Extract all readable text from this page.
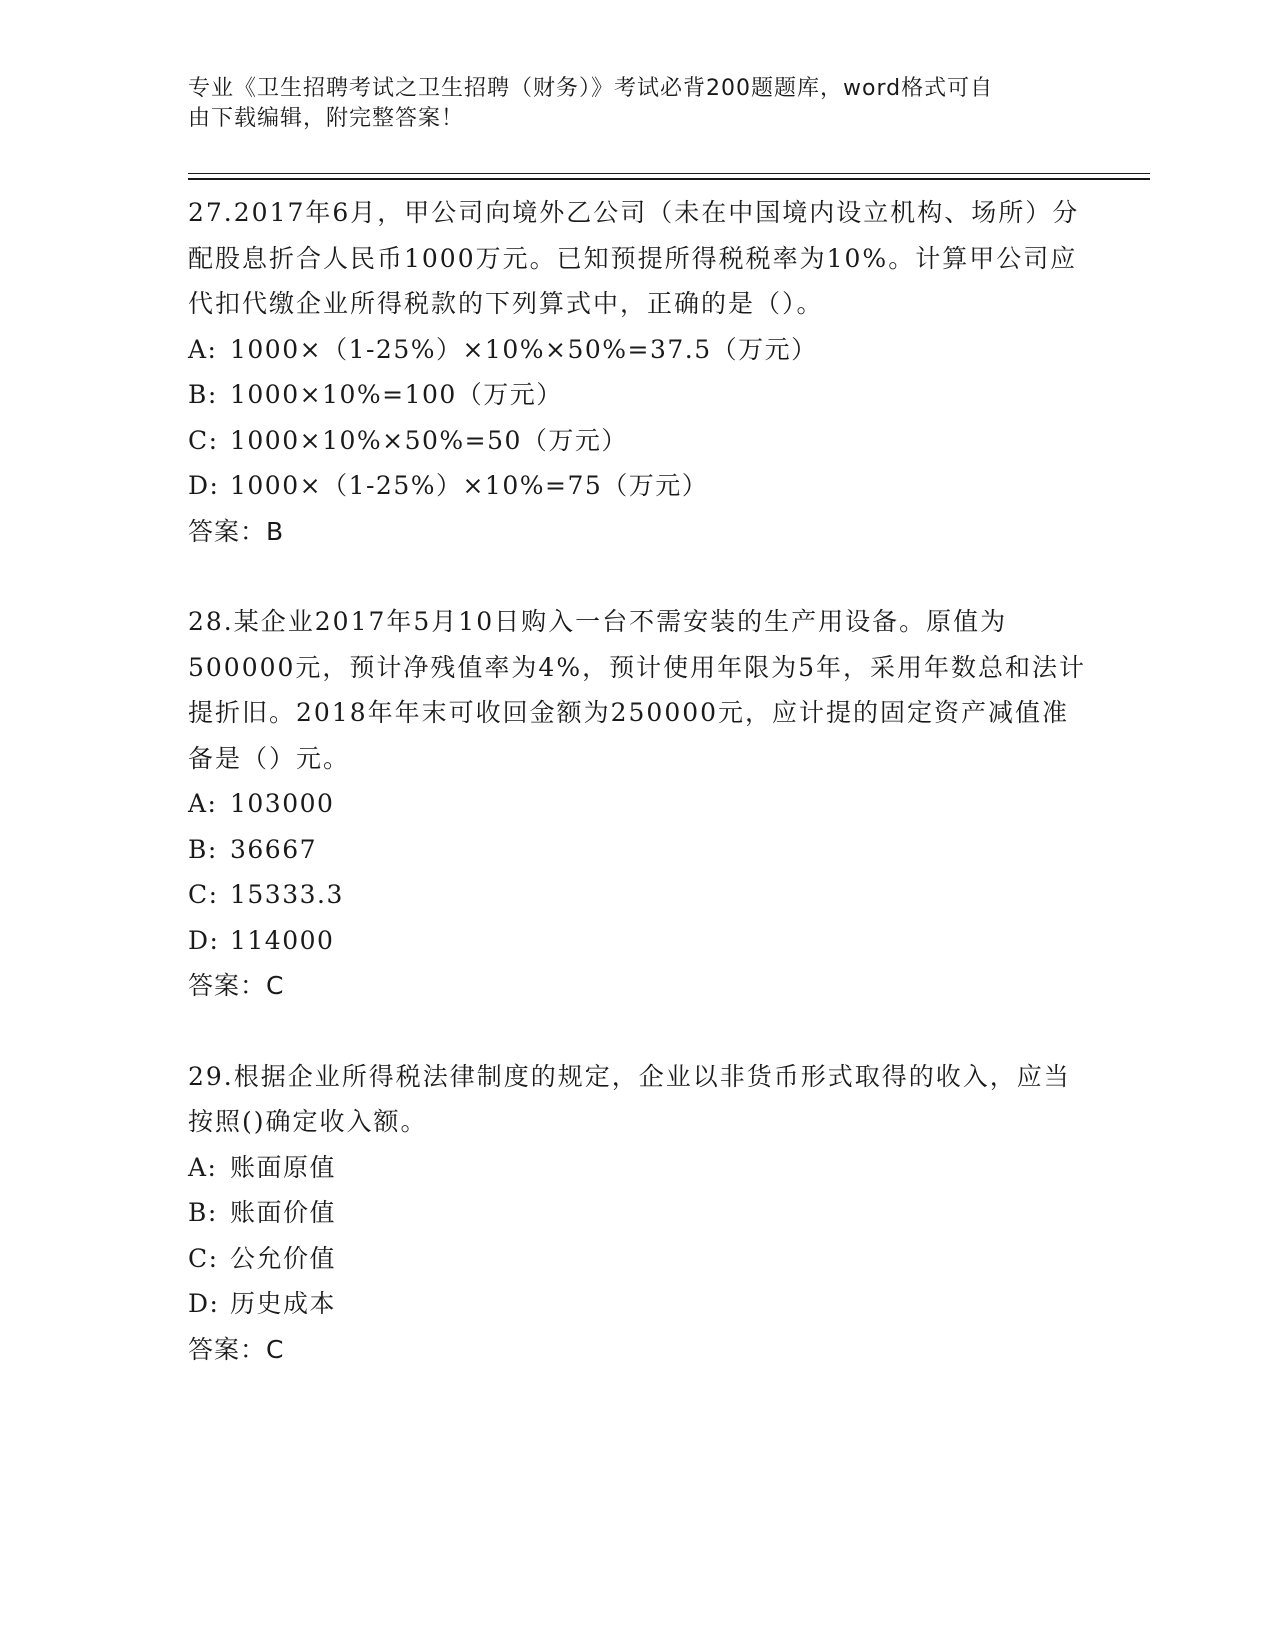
专业《卫生招聘考试之卫生招聘（财务）》考试必背200题题库，word格式可自
由下载编辑，附完整答案！
27.2017年6月，甲公司向境外乙公司（未在中国境内设立机构、场所）分配股息折合人民币1000万元。已知预提所得税税率为10%。计算甲公司应代扣代缴企业所得税款的下列算式中，正确的是（）。
A: 1000×（1-25%）×10%×50%=37.5（万元）
B: 1000×10%=100（万元）
C: 1000×10%×50%=50（万元）
D: 1000×（1-25%）×10%=75（万元）
答案：B
28.某企业2017年5月10日购入一台不需安装的生产用设备。原值为500000元，预计净残值率为4%，预计使用年限为5年，采用年数总和法计提折旧。2018年年末可收回金额为250000元，应计提的固定资产减值准备是（）元。
A: 103000
B: 36667
C: 15333.3
D: 114000
答案：C
29.根据企业所得税法律制度的规定，企业以非货币形式取得的收入，应当按照()确定收入额。
A: 账面原值
B: 账面价值
C: 公允价值
D: 历史成本
答案：C
